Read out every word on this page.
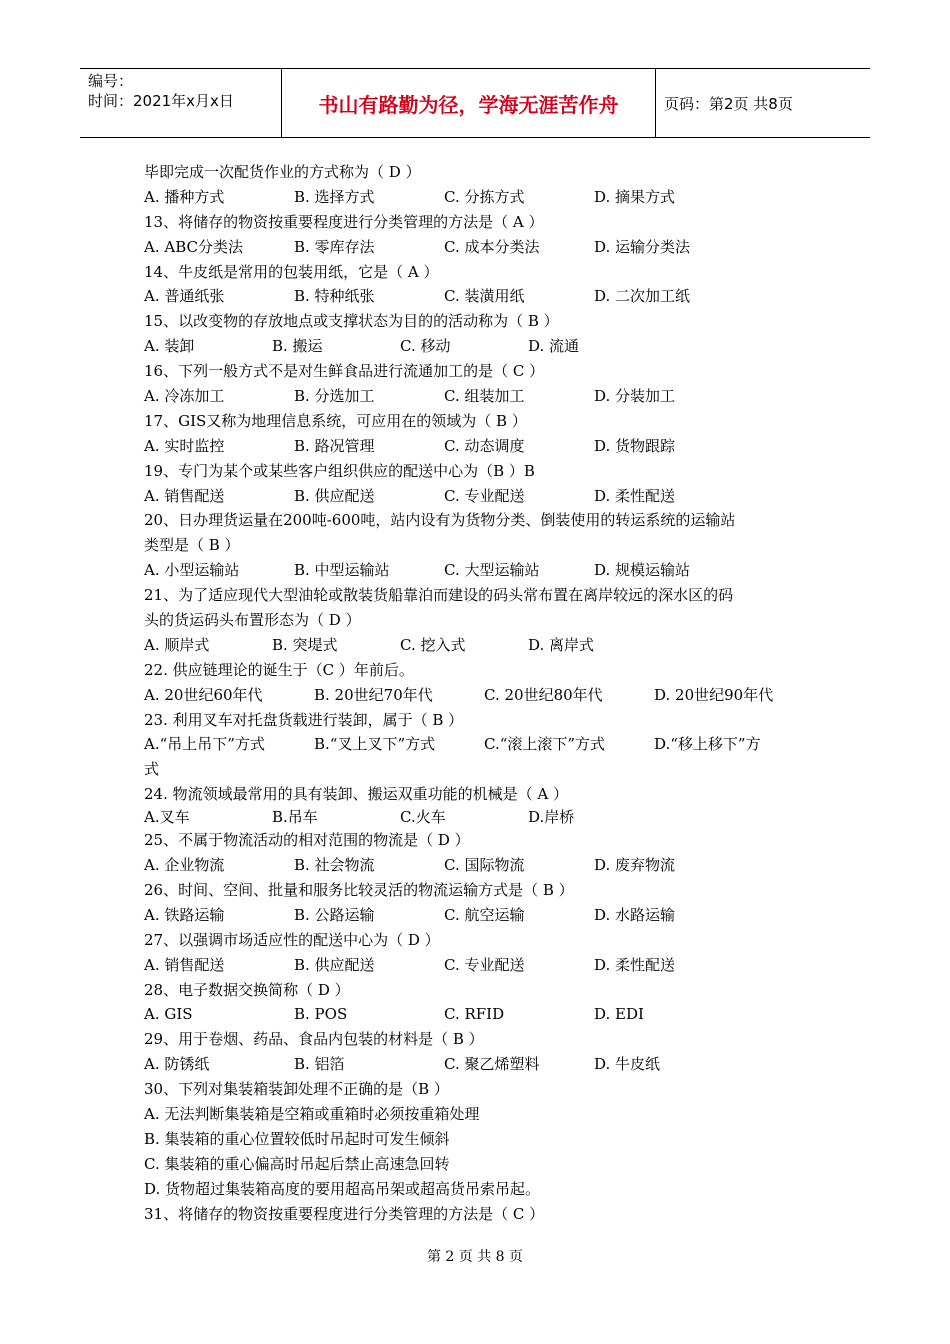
编号：
时间：2021年x月x日	书山有路勤为径，学海无涯苦作舟	页码：第2页 共8页
毕即完成一次配货作业的方式称为（ D ）
A. 播种方式	B. 选择方式	C. 分拣方式	D. 摘果方式
13、将储存的物资按重要程度进行分类管理的方法是（ A ）
A. ABC分类法	B. 零库存法	C. 成本分类法	D. 运输分类法
14、牛皮纸是常用的包装用纸，它是（ A ）
A. 普通纸张	B. 特种纸张	C. 装潢用纸	D. 二次加工纸
15、以改变物的存放地点或支撑状态为目的的活动称为（ B ）
A. 装卸	B. 搬运	C. 移动	D. 流通
16、下列一般方式不是对生鲜食品进行流通加工的是（ C ）
A. 冷冻加工	B. 分选加工	C. 组装加工	D. 分装加工
17、GIS又称为地理信息系统，可应用在的领域为（ B ）
A. 实时监控	B. 路况管理	C. 动态调度	D. 货物跟踪
19、专门为某个或某些客户组织供应的配送中心为（B ）B
A. 销售配送	B. 供应配送	C. 专业配送	D. 柔性配送
20、日办理货运量在200吨-600吨，站内设有为货物分类、倒装使用的转运系统的运输站
类型是（ B ）
A. 小型运输站	B. 中型运输站	C. 大型运输站	D. 规模运输站
21、为了适应现代大型油轮或散装货船靠泊而建设的码头常布置在离岸较远的深水区的码
头的货运码头布置形态为（ D ）
A. 顺岸式	B. 突堤式	C. 挖入式	D. 离岸式
22. 供应链理论的诞生于（C ）年前后。
A. 20世纪60年代	B. 20世纪70年代	C. 20世纪80年代	D. 20世纪90年代
23. 利用叉车对托盘货载进行装卸，属于（ B ）
A.“吊上吊下”方式	B.“叉上叉下”方式	C.“滚上滚下”方式	D.“移上移下”方
式
24. 物流领域最常用的具有装卸、搬运双重功能的机械是（ A ）
A.叉车	B.吊车	C.火车	D.岸桥
25、不属于物流活动的相对范围的物流是（ D ）
A. 企业物流	B. 社会物流	C. 国际物流	D. 废弃物流
26、时间、空间、批量和服务比较灵活的物流运输方式是（ B ）
A. 铁路运输	B. 公路运输	C. 航空运输	D. 水路运输
27、以强调市场适应性的配送中心为（ D ）
A. 销售配送	B. 供应配送	C. 专业配送	D. 柔性配送
28、电子数据交换简称（ D ）
A. GIS	B. POS	C. RFID	D. EDI
29、用于卷烟、药品、食品内包装的材料是（ B ）
A. 防锈纸	B. 铝箔	C. 聚乙烯塑料	D. 牛皮纸
30、下列对集装箱装卸处理不正确的是（B ）
A. 无法判断集装箱是空箱或重箱时必须按重箱处理
B. 集装箱的重心位置较低时吊起时可发生倾斜
C. 集装箱的重心偏高时吊起后禁止高速急回转
D. 货物超过集装箱高度的要用超高吊架或超高货吊索吊起。
31、将储存的物资按重要程度进行分类管理的方法是（ C ）
第 2 页 共 8 页
